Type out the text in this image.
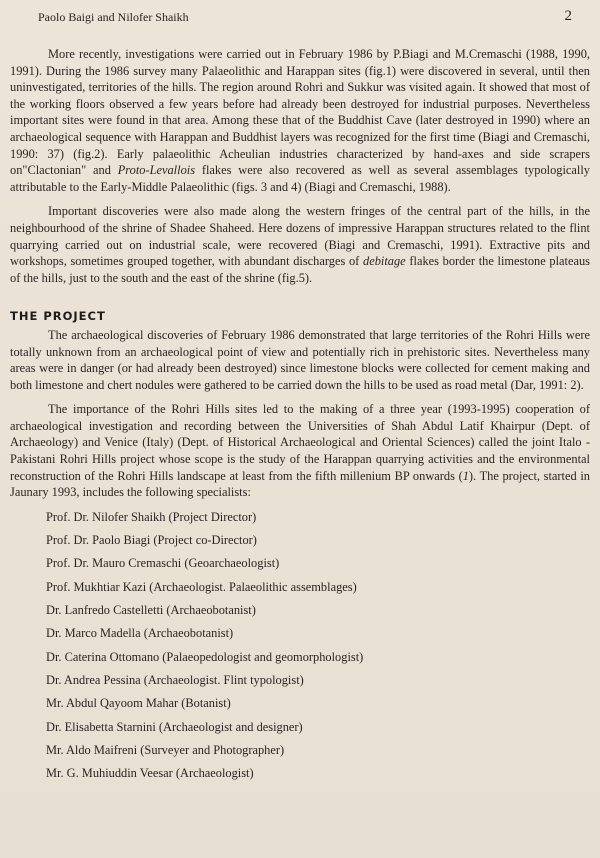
Paolo Baigi and Nilofer Shaikh	2

More recently, investigations were carried out in February 1986 by P.Biagi and M.Cremaschi (1988, 1990, 1991). During the 1986 survey many Palaeolithic and Harappan sites (fig.1) were discovered in several, until then uninvestigated, territories of the hills. The region around Rohri and Sukkur was visited again. It showed that most of the working floors observed a few years before had already been destroyed for industrial purposes. Nevertheless important sites were found in that area. Among these that of the Buddhist Cave (later destroyed in 1990) where an archaeological sequence with Harappan and Buddhist layers was recognized for the first time (Biagi and Cremaschi, 1990: 37) (fig.2). Early palaeolithic Acheulian industries characterized by hand-axes and side scrapers on"Clactonian" and Proto-Levallois flakes were also recovered as well as several assemblages typologically attributable to the Early-Middle Palaeolithic (figs. 3 and 4) (Biagi and Cremaschi, 1988).

Important discoveries were also made along the western fringes of the central part of the hills, in the neighbourhood of the shrine of Shadee Shaheed. Here dozens of impressive Harappan structures related to the flint quarrying carried out on industrial scale, were recovered (Biagi and Cremaschi, 1991). Extractive pits and workshops, sometimes grouped together, with abundant discharges of debitage flakes border the limestone plateaus of the hills, just to the south and the east of the shrine (fig.5).

THE PROJECT

The archaeological discoveries of February 1986 demonstrated that large territories of the Rohri Hills were totally unknown from an archaeological point of view and potentially rich in prehistoric sites. Nevertheless many areas were in danger (or had already been destroyed) since limestone blocks were collected for cement making and both limestone and chert nodules were gathered to be carried down the hills to be used as road metal (Dar, 1991: 2).

The importance of the Rohri Hills sites led to the making of a three year (1993-1995) cooperation of archaeological investigation and recording between the Universities of Shah Abdul Latif Khairpur (Dept. of Archaeology) and Venice (Italy) (Dept. of Historical Archaeological and Oriental Sciences) called the joint Italo - Pakistani Rohri Hills project whose scope is the study of the Harappan quarrying activities and the environmental reconstruction of the Rohri Hills landscape at least from the fifth millenium BP onwards (1). The project, started in Jaunary 1993, includes the following specialists:

Prof. Dr. Nilofer Shaikh (Project Director)
Prof. Dr. Paolo Biagi (Project co-Director)
Prof. Dr. Mauro Cremaschi (Geoarchaeologist)
Prof. Mukhtiar Kazi (Archaeologist. Palaeolithic assemblages)
Dr. Lanfredo Castelletti (Archaeobotanist)
Dr. Marco Madella (Archaeobotanist)
Dr. Caterina Ottomano (Palaeopedologist and geomorphologist)
Dr. Andrea Pessina (Archaeologist. Flint typologist)
Mr. Abdul Qayoom Mahar (Botanist)
Dr. Elisabetta Starnini (Archaeologist and designer)
Mr. Aldo Maifreni (Surveyer and Photographer)
Mr. G. Muhiuddin Veesar (Archaeologist)
